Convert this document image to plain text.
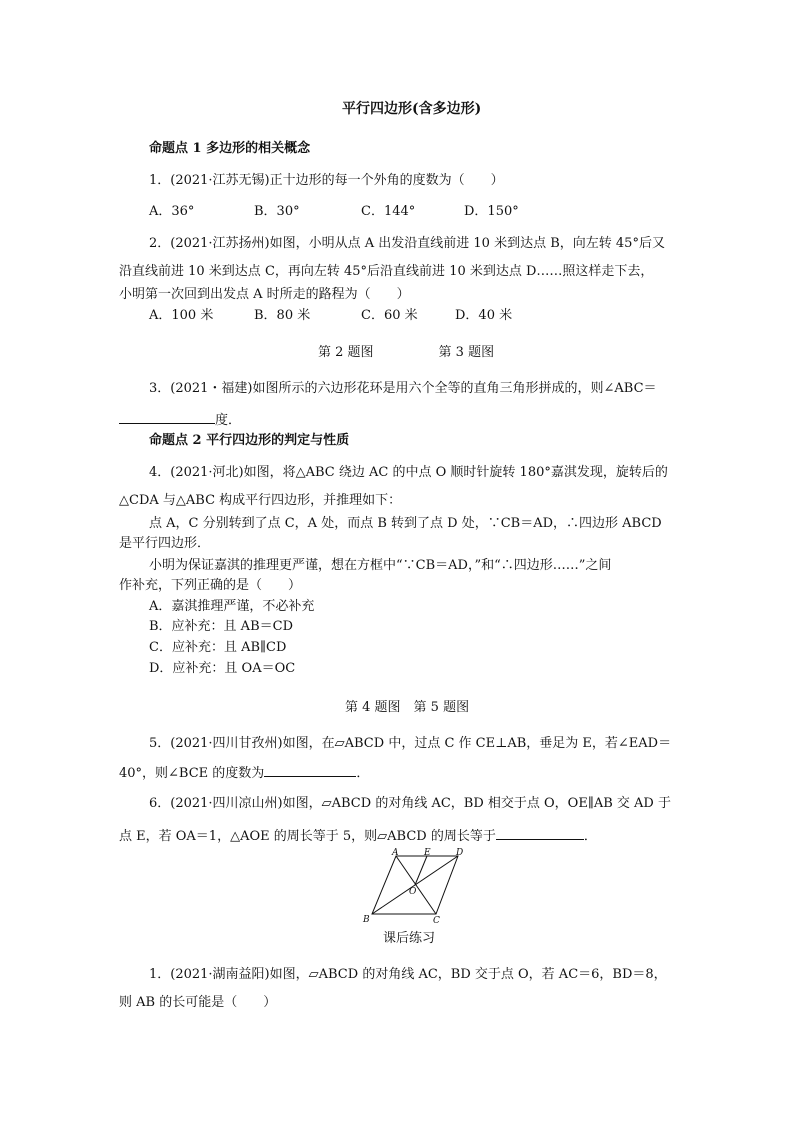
平行四边形(含多边形)
命题点 1 多边形的相关概念
1．(2021·江苏无锡)正十边形的每一个外角的度数为（　　）
A．36°	B．30°	C．144°	D．150°
2．(2021·江苏扬州)如图，小明从点 A 出发沿直线前进 10 米到达点 B，向左转 45°后又
沿直线前进 10 米到达点 C，再向左转 45°后沿直线前进 10 米到达点 D……照这样走下去，
小明第一次回到出发点 A 时所走的路程为（　　）
A．100 米	B．80 米	C．60 米	D．40 米
第 2 题图　　　　　第 3 题图
3．(2021・福建)如图所示的六边形花环是用六个全等的直角三角形拼成的，则∠ABC＝
度．
命题点 2 平行四边形的判定与性质
4．(2021·河北)如图，将△ABC 绕边 AC 的中点 O 顺时针旋转 180°嘉淇发现，旋转后的
△CDA 与△ABC 构成平行四边形，并推理如下：
点 A，C 分别转到了点 C，A 处，而点 B 转到了点 D 处，∵CB＝AD，∴四边形 ABCD
是平行四边形．
小明为保证嘉淇的推理更严谨，想在方框中“∵CB＝AD，”和“∴四边形……”之间
作补充，下列正确的是（　　）
A．嘉淇推理严谨，不必补充
B．应补充：且 AB＝CD
C．应补充：且 AB∥CD
D．应补充：且 OA＝OC
第 4 题图　第 5 题图
5．(2021·四川甘孜州)如图，在▱ABCD 中，过点 C 作 CE⊥AB，垂足为 E，若∠EAD＝
40°，则∠BCE 的度数为	．
6．(2021·四川凉山州)如图，▱ABCD 的对角线 AC，BD 相交于点 O，OE∥AB 交 AD 于
点 E，若 OA＝1，△AOE 的周长等于 5，则▱ABCD 的周长等于	．
A	E	D
O
B	C
课后练习
1．(2021·湖南益阳)如图，▱ABCD 的对角线 AC，BD 交于点 O，若 AC＝6，BD＝8，
则 AB 的长可能是（　　）
